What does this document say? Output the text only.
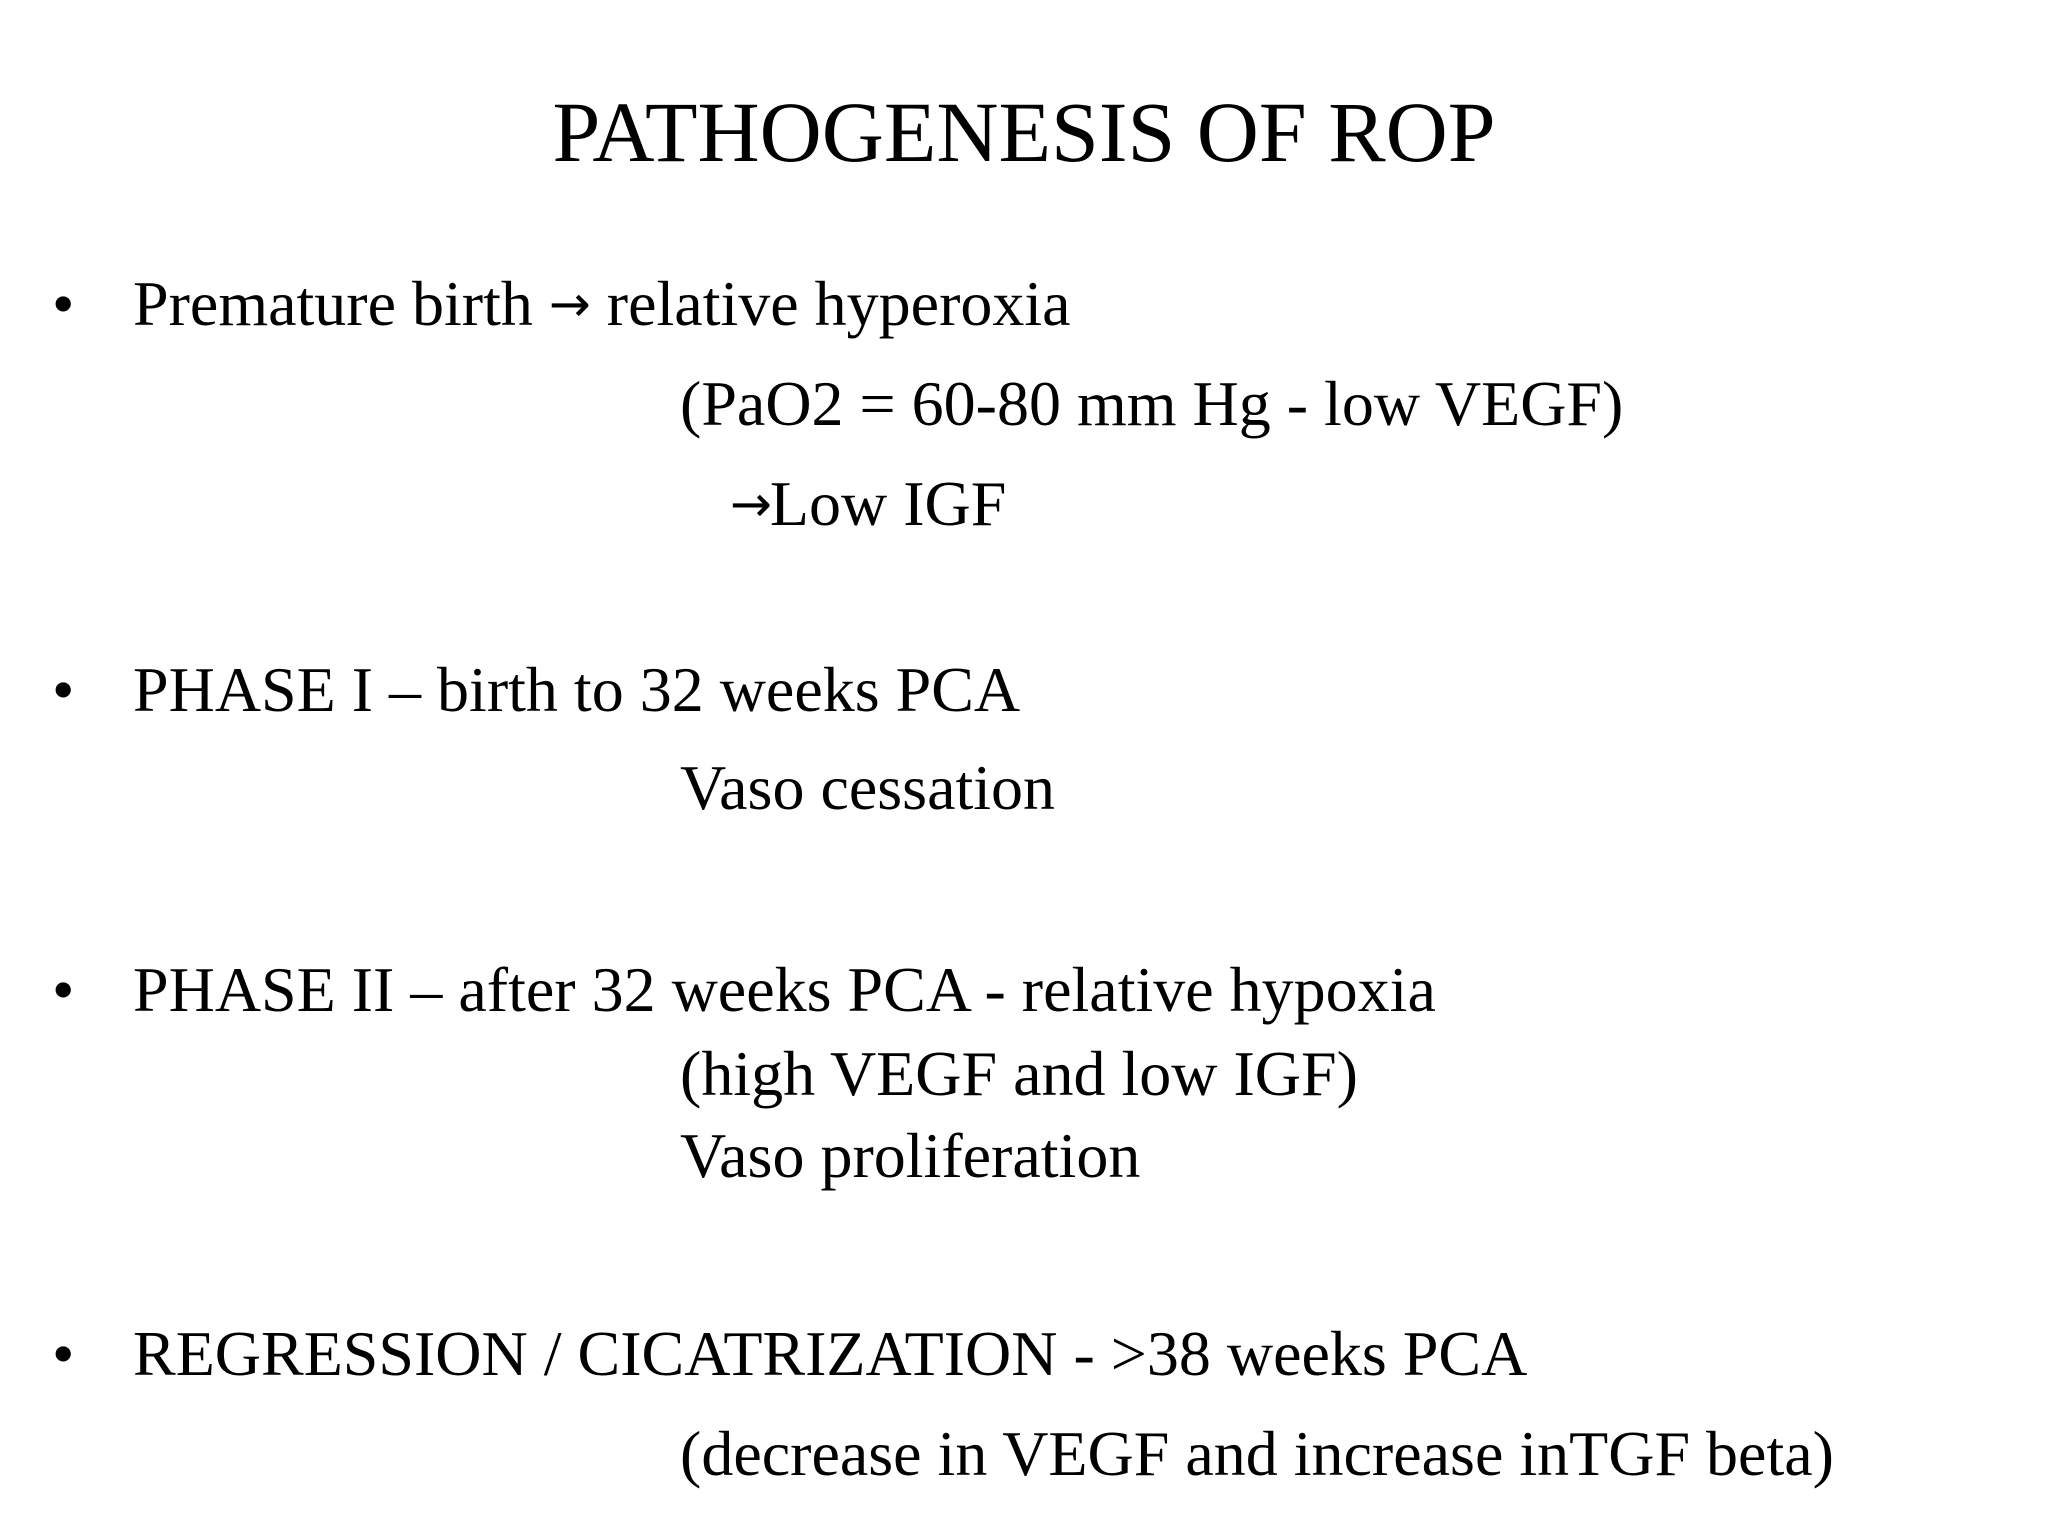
PATHOGENESIS OF ROP
• Premature birth → relative hyperoxia
(PaO2 = 60-80 mm Hg - low VEGF)
→Low IGF
• PHASE I – birth to 32 weeks PCA
Vaso cessation
• PHASE II – after 32 weeks PCA - relative hypoxia
(high VEGF and low IGF)
Vaso proliferation
• REGRESSION / CICATRIZATION - >38 weeks PCA
(decrease in VEGF and increase inTGF beta)
